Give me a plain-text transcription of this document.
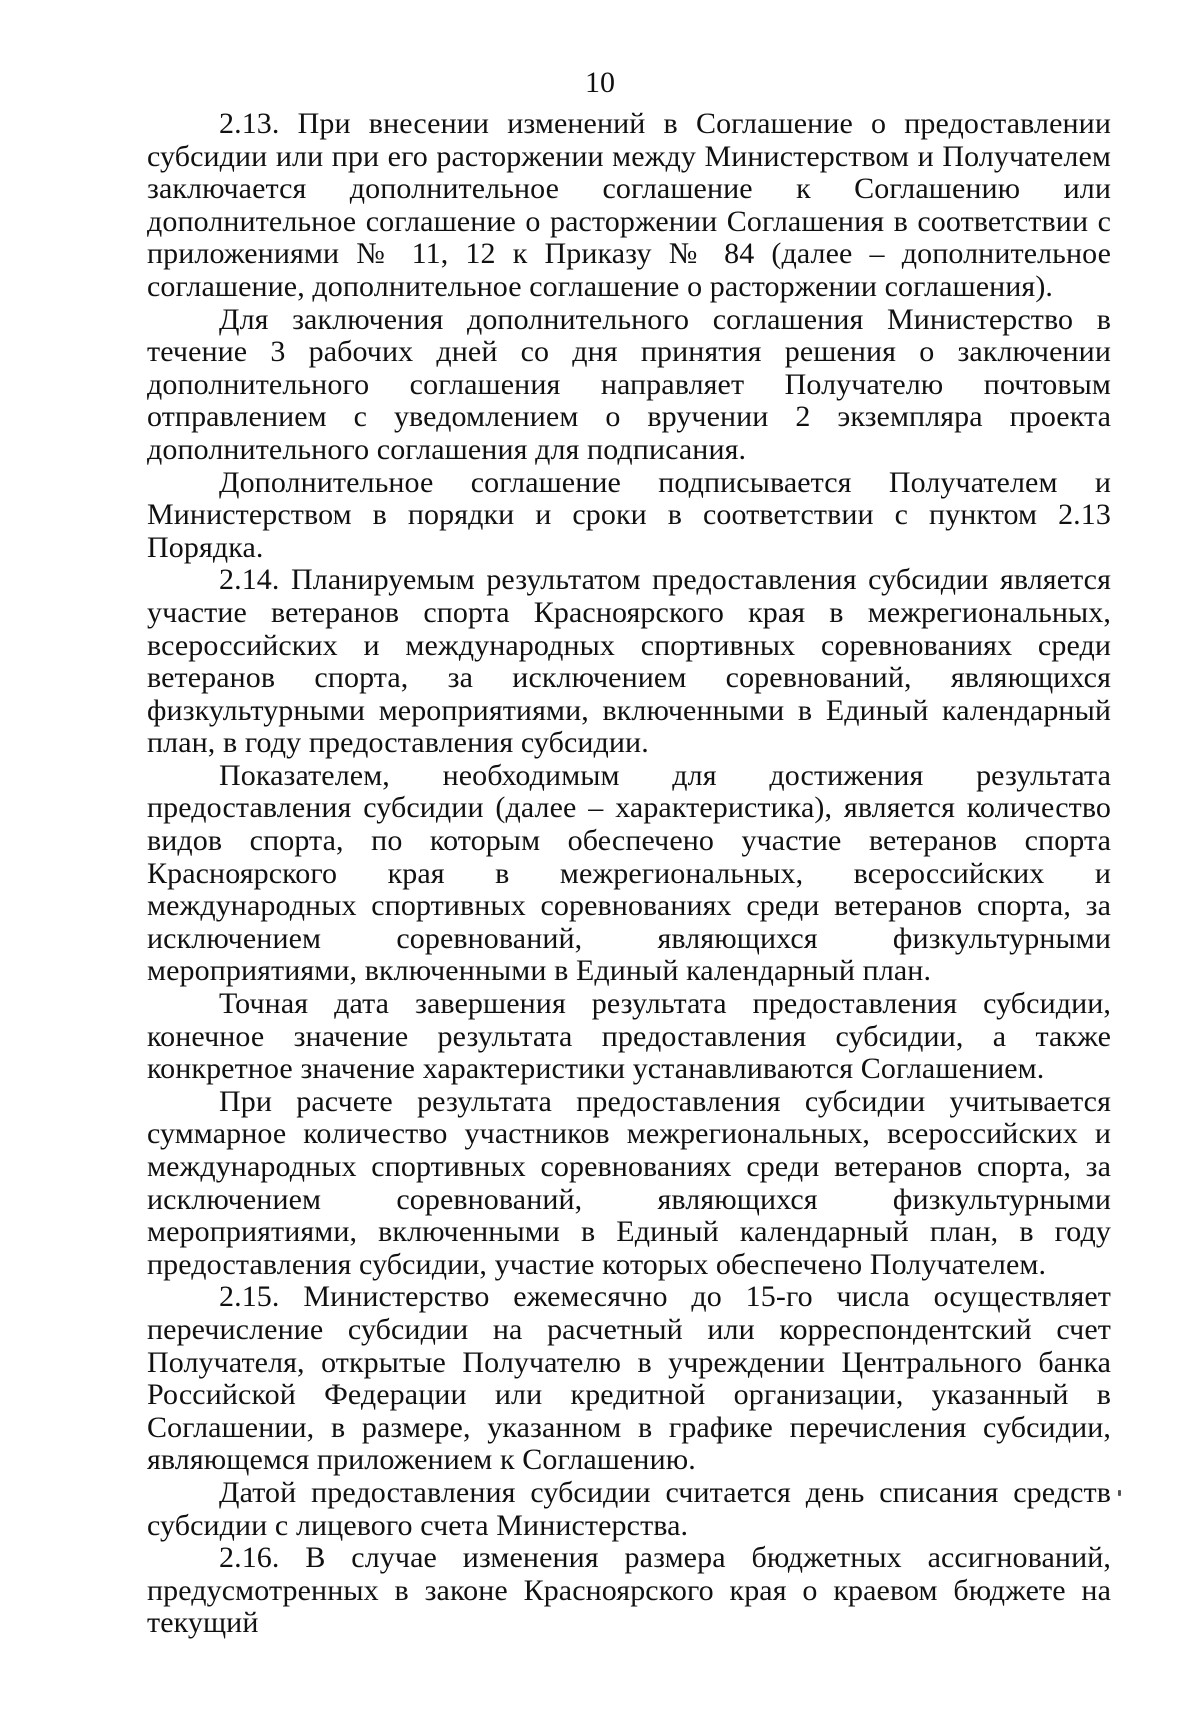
10

2.13. При внесении изменений в Соглашение о предоставлении субсидии или при его расторжении между Министерством и Получателем заключается дополнительное соглашение к Соглашению или дополнительное соглашение о расторжении Соглашения в соответствии с приложениями № 11, 12 к Приказу № 84 (далее – дополнительное соглашение, дополнительное соглашение о расторжении соглашения).

Для заключения дополнительного соглашения Министерство в течение 3 рабочих дней со дня принятия решения о заключении дополнительного соглашения направляет Получателю почтовым отправлением с уведомлением о вручении 2 экземпляра проекта дополнительного соглашения для подписания.

Дополнительное соглашение подписывается Получателем и Министерством в порядки и сроки в соответствии с пунктом 2.13 Порядка.

2.14. Планируемым результатом предоставления субсидии является участие ветеранов спорта Красноярского края в межрегиональных, всероссийских и международных спортивных соревнованиях среди ветеранов спорта, за исключением соревнований, являющихся физкультурными мероприятиями, включенными в Единый календарный план, в году предоставления субсидии.

Показателем, необходимым для достижения результата предоставления субсидии (далее – характеристика), является количество видов спорта, по которым обеспечено участие ветеранов спорта Красноярского края в межрегиональных, всероссийских и международных спортивных соревнованиях среди ветеранов спорта, за исключением соревнований, являющихся физкультурными мероприятиями, включенными в Единый календарный план.

Точная дата завершения результата предоставления субсидии, конечное значение результата предоставления субсидии, а также конкретное значение характеристики устанавливаются Соглашением.

При расчете результата предоставления субсидии учитывается суммарное количество участников межрегиональных, всероссийских и международных спортивных соревнованиях среди ветеранов спорта, за исключением соревнований, являющихся физкультурными мероприятиями, включенными в Единый календарный план, в году предоставления субсидии, участие которых обеспечено Получателем.

2.15. Министерство ежемесячно до 15-го числа осуществляет перечисление субсидии на расчетный или корреспондентский счет Получателя, открытые Получателю в учреждении Центрального банка Российской Федерации или кредитной организации, указанный в Соглашении, в размере, указанном в графике перечисления субсидии, являющемся приложением к Соглашению.

Датой предоставления субсидии считается день списания средств субсидии с лицевого счета Министерства.

2.16. В случае изменения размера бюджетных ассигнований, предусмотренных в законе Красноярского края о краевом бюджете на текущий
